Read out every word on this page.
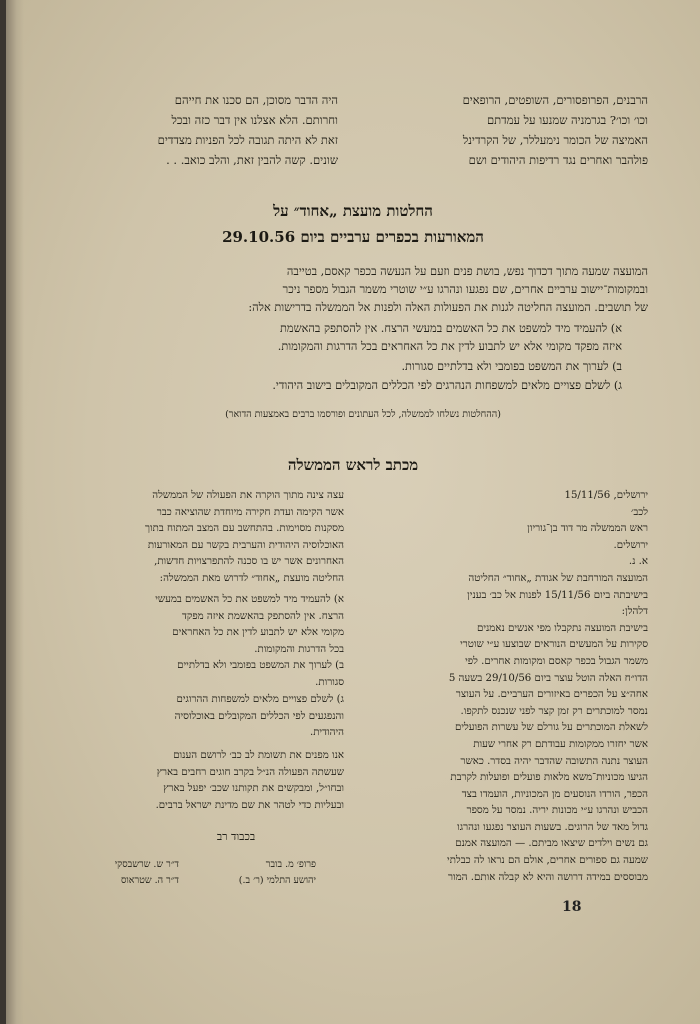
הרבנים, הפרופסורים, השופטים, הרופאים
וכו׳ וכו׳? בגרמניה שמנעו על עמדתם
האמיצה של הכומר נימעללר, של הקרדינל
פולהבר ואחרים נגד רדיפות היהודים ושם
היה הדבר מסוכן, הם סכנו את חייהם
וחרותם. הלא אצלנו אין דבר כזה ובכל
זאת לא היתה תגובה לכל הפניות מצדדים
שונים. קשה להבין זאת, והלב כואב. . .
החלטות מועצת „אחוד״ על
המאורעות בכפרים ערביים ביום 29.10.56
המועצה שמעה מתוך דכדוך נפש, בושת פנים וזעם על הנעשה בכפר קאסם, בטייבה
ובמקומות־יישוב ערביים אחרים, שם נפגעו ונהרגו ע״י שוטרי משמר הגבול מספר ניכר
של תושבים. המועצה החליטה לגנות את הפעולות האלה ולפנות אל הממשלה בדרישות אלה:
א) להעמיד מיד למשפט את כל האשמים במעשי הרצח. אין להסתפק בהאשמת
איזה מפקד מקומי אלא יש לתבוע לדין את כל האחראים בכל הדרגות והמקומות.
ב) לערוך את המשפט בפומבי ולא בדלתיים סגורות.
ג) לשלם פצויים מלאים למשפחות הנהרגים לפי הכללים המקובלים בישוב היהודי.
(ההחלטות נשלחו לממשלה, לכל העתונים ופורסמו ברבים באמצעות הדואר)
מכתב לראש הממשלה
ירושלים, 15/11/56
לכב׳
ראש הממשלה מר דוד בן־גוריון
ירושלים.
א. נ.
המועצה המורחבת של אגודת „אחוד״ החליטה
בישיבתה ביום 15/11/56 לפנות אל כב׳ בענין
דלהלן:
בישיבת המועצה נתקבלו מפי אנשים נאמנים
סקירות על המעשים הנוראים שבוצעו ע״י שוטרי
משמר הגבול בכפר קאסם ומקומות אחרים. לפי
הדו״ח האלה הוטל עוצר ביום 29/10/56 בשעה 5
אחה״צ על הכפרים באיזורים הערביים. על העוצר
נמסר למוכתרים רק זמן קצר לפני שנכנס לתקפו.
לשאלת המוכתרים על גורלם של עשרות הפועלים
אשר יחזרו ממקומות עבודתם רק אחרי שעות
העוצר נתנה התשובה שהדבר יהיה בסדר. כאשר
הגיעו מכוניות־משא מלאות פועלים ופועלות לקרבת
הכפר, הורדו הנוסעים מן המכוניות, הועמדו בצד
הכביש ונהרגו ע״י מכונות יריה. נמסר על מספר
גדול מאד של הרוגים. בשעות העוצר נפגעו ונהרגו
גם נשים וילדים שיצאו מביתם. — המועצה אמנם
שמעה גם ספורים אחרים, אולם הם נראו לה כבלתי
מבוססים במידה דרושה והיא לא קבלה אותם. המור
עצה צינה מתוך הוקרה את הפעולה של הממשלה
אשר הקימה ועדת חקירה מיוחדת שהוציאה כבר
מסקנות מסוימות. בהתחשב עם המצב המתוח בתוך
האוכלוסיה היהודית והערבית בקשר עם המאורעות
האחרונים אשר יש בו סכנה להתפרצויות חדשות,
החליטה מועצת „אחוד״ לדרוש מאת הממשלה:
א) להעמיד מיד למשפט את כל האשמים במעשי
הרצח. אין להסתפק בהאשמת איזה מפקד
מקומי אלא יש לתבוע לדין את כל האחראים
בכל הדרגות והמקומות.
ב) לערוך את המשפט בפומבי ולא בדלתיים
סגורות.
ג) לשלם פצויים מלאים למשפחות ההרוגים
והנפגעים לפי הכללים המקובלים באוכלוסיה
היהודית.
אנו מפנים את תשומת לב כב׳ לרושם הענום
שעשתה הפעולה הנ״ל בקרב חוגים רחבים בארץ
ובחו״ל, ומבקשים את תקותנו שכב׳ יפעל בארץ
ובעליות כדי לטהר את שם מדינת ישראל ברבים.
בכבוד רב
פרופ׳ מ. בובר
ד״ר ש. שרשבסקי
יהושע התלמי (ר׳ ב.)
ד״ר ה. שטראוס
18
